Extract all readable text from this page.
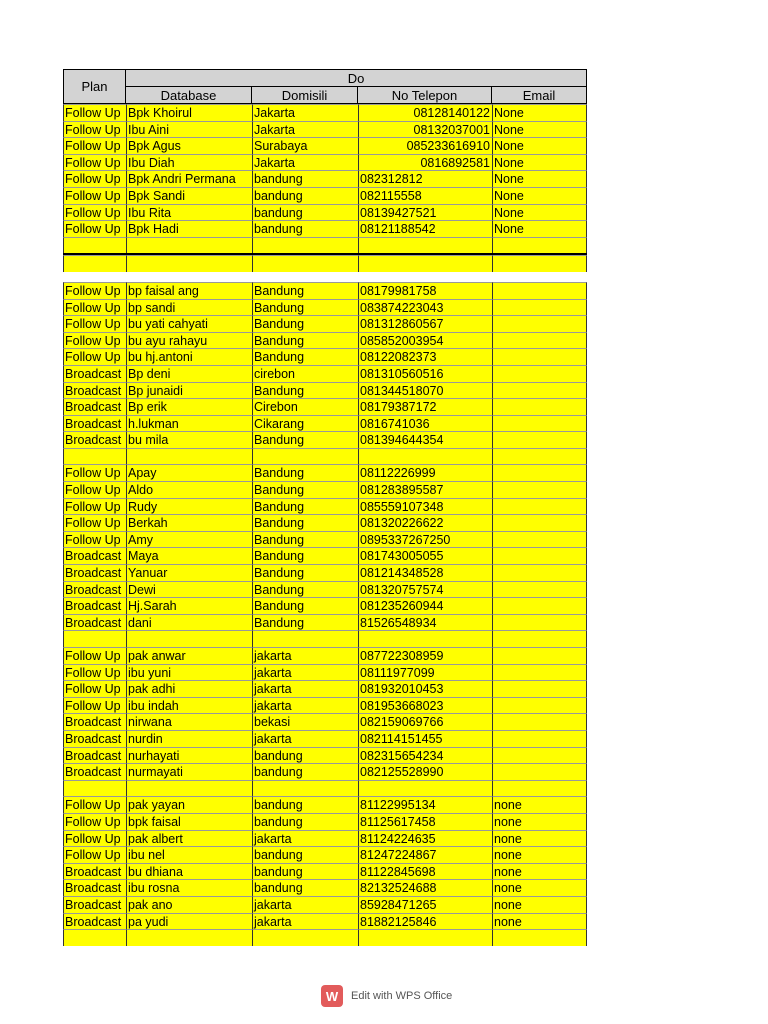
Plan
Do
Database	Domisili	No Telepon	Email
Follow Up Bpk Khoirul	Jakarta	08128140122 None
Follow Up Ibu Aini	Jakarta	08132037001 None
Follow Up Bpk Agus	Surabaya	085233616910 None
Follow Up Ibu Diah	Jakarta	0816892581 None
Follow Up Bpk Andri Permana	bandung	082312812	None
Follow Up Bpk Sandi	bandung	082115558	None
Follow Up Ibu Rita	bandung	08139427521	None
Follow Up Bpk Hadi	bandung	08121188542	None
Follow Up bp faisal ang	Bandung	08179981758
Follow Up bp sandi	Bandung	083874223043
Follow Up bu yati cahyati	Bandung	081312860567
Follow Up bu ayu rahayu	Bandung	085852003954
Follow Up bu hj.antoni	Bandung	08122082373
Broadcast Bp deni	cirebon	081310560516
Broadcast Bp junaidi	Bandung	081344518070
Broadcast Bp erik	Cirebon	08179387172
Broadcast h.lukman	Cikarang	0816741036
Broadcast bu mila	Bandung	081394644354
Follow Up Apay	Bandung	08112226999
Follow Up Aldo	Bandung	081283895587
Follow Up Rudy	Bandung	085559107348
Follow Up Berkah	Bandung	081320226622
Follow Up Amy	Bandung	0895337267250
Broadcast Maya	Bandung	081743005055
Broadcast Yanuar	Bandung	081214348528
Broadcast Dewi	Bandung	081320757574
Broadcast Hj.Sarah	Bandung	081235260944
Broadcast dani	Bandung	81526548934
Follow Up pak anwar	jakarta	087722308959
Follow Up ibu yuni	jakarta	08111977099
Follow Up pak adhi	jakarta	081932010453
Follow Up ibu indah	jakarta	081953668023
Broadcast nirwana	bekasi	082159069766
Broadcast nurdin	jakarta	082114151455
Broadcast nurhayati	bandung	082315654234
Broadcast nurmayati	bandung	082125528990
Follow Up pak yayan	bandung	81122995134	none
Follow Up bpk faisal	bandung	81125617458	none
Follow Up pak albert	jakarta	81124224635	none
Follow Up ibu nel	bandung	81247224867	none
Broadcast bu dhiana	bandung	81122845698	none
Broadcast ibu rosna	bandung	82132524688	none
Broadcast pak ano	jakarta	85928471265	none
Broadcast pa yudi	jakarta	81882125846	none
W	Edit with WPS Office
